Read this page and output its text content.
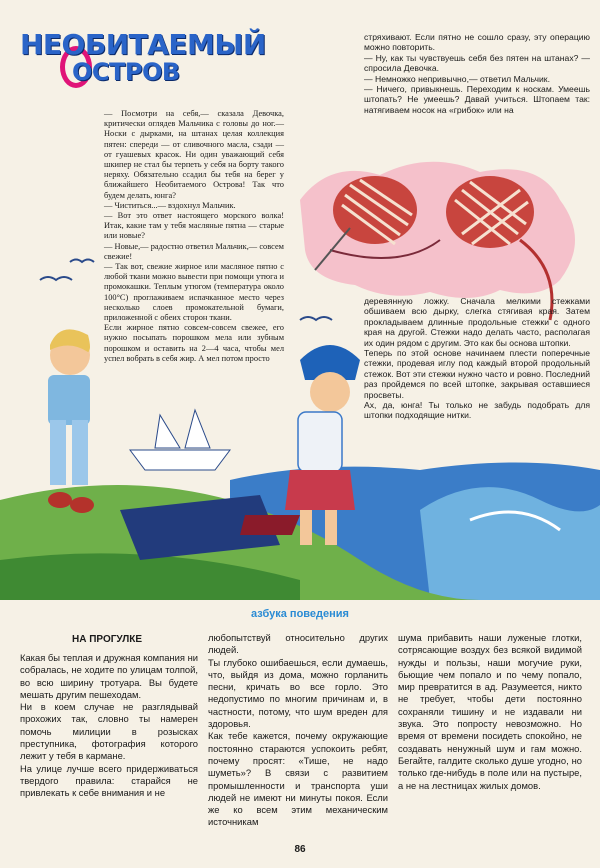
НЕОБИТАЕМЫЙ
ОСТРОВ

— Посмотри на себя,— сказала Девочка, критически оглядев Мальчика с головы до ног.— Носки с дырками, на штанах целая коллекция пятен: спереди — от сливочного масла, сзади — от гуашевых красок. Ни один уважающий себя шкипер не стал бы терпеть у себя на борту такого неряху. Обязательно ссадил бы тебя на берег у ближайшего Необитаемого Острова! Так что будем делать, юнга?
— Чиститься...— вздохнул Мальчик.
— Вот это ответ настоящего морского волка! Итак, какие там у тебя масляные пятна — старые или новые?
— Новые,— радостно ответил Мальчик,— совсем свежие!
— Так вот, свежие жирное или масляное пятно с любой ткани можно вывести при помощи утюга и промокашки. Теплым утюгом (температура около 100°С) проглаживаем испачканное место через несколько слоев промокательной бумаги, приложенной с обеих сторон ткани.
Если жирное пятно совсем-совсем свежее, его нужно посыпать порошком мела или зубным порошком и оставить на 2—4 часа, чтобы мел успел вобрать в себя жир. А мел потом просто

стряхивают. Если пятно не сошло сразу, эту операцию можно повторить.
— Ну, как ты чувствуешь себя без пятен на штанах? — спросила Девочка.
— Немножко непривычно,— ответил Мальчик.
— Ничего, привыкнешь. Переходим к носкам. Умеешь штопать? Не умеешь? Давай учиться. Штопаем так: натягиваем носок на «грибок» или на

деревянную ложку. Сначала мелкими стежками обшиваем всю дырку, слегка стягивая края. Затем прокладываем длинные продольные стежки с одного края на другой. Стежки надо делать часто, располагая их один рядом с другим. Это как бы основа штопки.
Теперь по этой основе начинаем плести поперечные стежки, продевая иглу под каждый второй продольный стежок. Вот эти стежки нужно часто и ровно. Последний раз пройдемся по всей штопке, закрывая оставшиеся просветы.
Ах, да, юнга! Ты только не забудь подобрать для штопки подходящие нитки.

азбука поведения
НА ПРОГУЛКЕ

Какая бы теплая и дружная компания ни собралась, не ходите по улицам толпой, во всю ширину тротуара. Вы будете мешать другим пешеходам.
Ни в коем случае не разглядывай прохожих так, словно ты намерен помочь милиции в розысках преступника, фотография которого лежит у тебя в кармане.
На улице лучше всего придерживаться твердого правила: старайся не привлекать к себе внимания и не

любопытствуй относительно других людей.
Ты глубоко ошибаешься, если думаешь, что, выйдя из дома, можно горланить песни, кричать во все горло. Это недопустимо по многим причинам и, в частности, потому, что шум вреден для здоровья.
Как тебе кажется, почему окружающие постоянно стараются успокоить ребят, почему просят: «Тише, не надо шуметь»? В связи с развитием промышленности и транспорта уши людей не имеют ни минуты покоя. Если же ко всем этим механическим источникам

шума прибавить наши луженые глотки, сотрясающие воздух без всякой видимой нужды и пользы, наши могучие руки, бьющие чем попало и по чему попало, мир превратится в ад. Разумеется, никто не требует, чтобы дети постоянно сохраняли тишину и не издавали ни звука. Это попросту невозможно. Но время от времени посидеть спокойно, не создавать ненужный шум и гам можно. Бегайте, галдите сколько душе угодно, но только где-нибудь в поле или на пустыре, а не на лестницах жилых домов.

86
